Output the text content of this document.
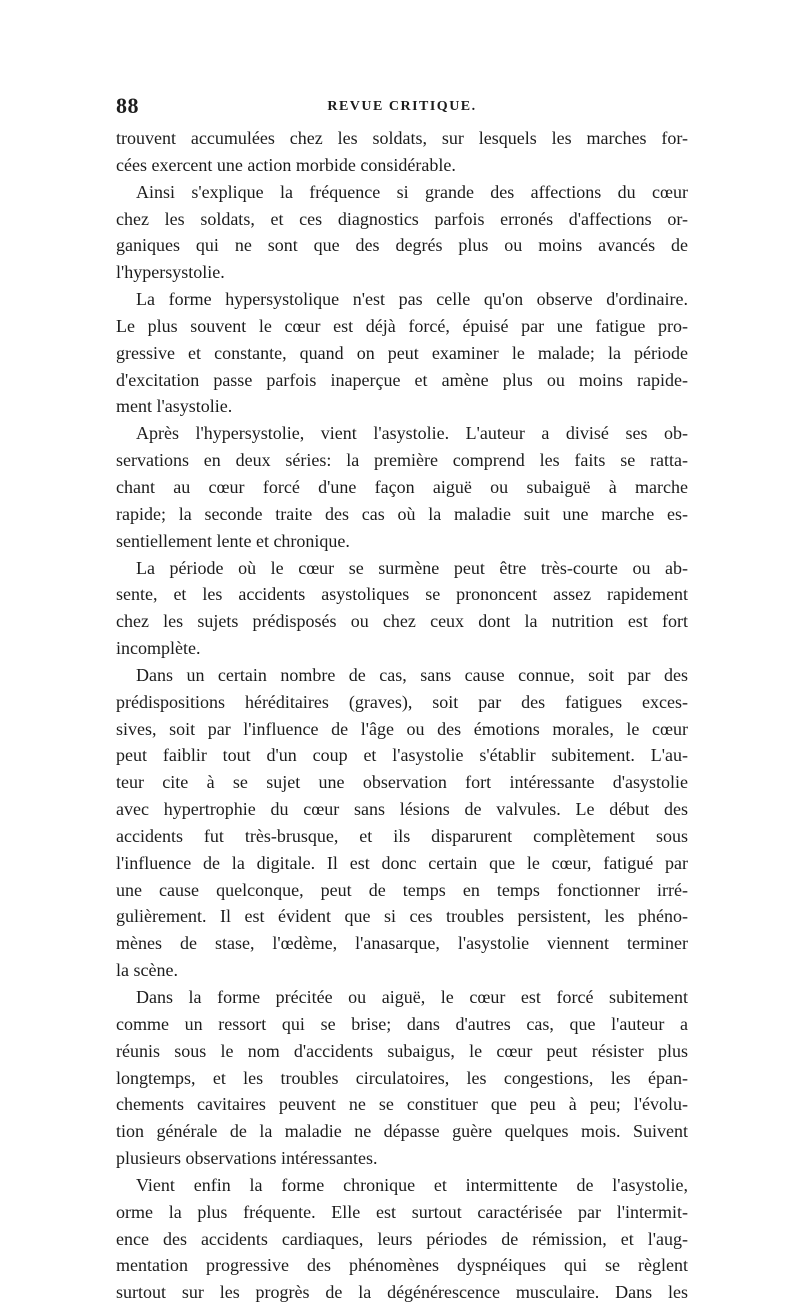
88	REVUE CRITIQUE.
trouvent accumulées chez les soldats, sur lesquels les marches for-
cées exercent une action morbide considérable.
Ainsi s'explique la fréquence si grande des affections du cœur
chez les soldats, et ces diagnostics parfois erronés d'affections or-
ganiques qui ne sont que des degrés plus ou moins avancés de
l'hypersystolie.
La forme hypersystolique n'est pas celle qu'on observe d'ordinaire.
Le plus souvent le cœur est déjà forcé, épuisé par une fatigue pro-
gressive et constante, quand on peut examiner le malade; la période
d'excitation passe parfois inaperçue et amène plus ou moins rapide-
ment l'asystolie.
Après l'hypersystolie, vient l'asystolie. L'auteur a divisé ses ob-
servations en deux séries: la première comprend les faits se ratta-
chant au cœur forcé d'une façon aiguë ou subaiguë à marche
rapide; la seconde traite des cas où la maladie suit une marche es-
sentiellement lente et chronique.
La période où le cœur se surmène peut être très-courte ou ab-
sente, et les accidents asystoliques se prononcent assez rapidement
chez les sujets prédisposés ou chez ceux dont la nutrition est fort
incomplète.
Dans un certain nombre de cas, sans cause connue, soit par des
prédispositions héréditaires (graves), soit par des fatigues exces-
sives, soit par l'influence de l'âge ou des émotions morales, le cœur
peut faiblir tout d'un coup et l'asystolie s'établir subitement. L'au-
teur cite à se sujet une observation fort intéressante d'asystolie
avec hypertrophie du cœur sans lésions de valvules. Le début des
accidents fut très-brusque, et ils disparurent complètement sous
l'influence de la digitale. Il est donc certain que le cœur, fatigué par
une cause quelconque, peut de temps en temps fonctionner irré-
gulièrement. Il est évident que si ces troubles persistent, les phéno-
mènes de stase, l'œdème, l'anasarque, l'asystolie viennent terminer
la scène.
Dans la forme précitée ou aiguë, le cœur est forcé subitement
comme un ressort qui se brise; dans d'autres cas, que l'auteur a
réunis sous le nom d'accidents subaigus, le cœur peut résister plus
longtemps, et les troubles circulatoires, les congestions, les épan-
chements cavitaires peuvent ne se constituer que peu à peu; l'évolu-
tion générale de la maladie ne dépasse guère quelques mois. Suivent
plusieurs observations intéressantes.
Vient enfin la forme chronique et intermittente de l'asystolie,
orme la plus fréquente. Elle est surtout caractérisée par l'intermit-
ence des accidents cardiaques, leurs périodes de rémission, et l'aug-
mentation progressive des phénomènes dyspnéiques qui se règlent
surtout sur les progrès de la dégénérescence musculaire. Dans les
